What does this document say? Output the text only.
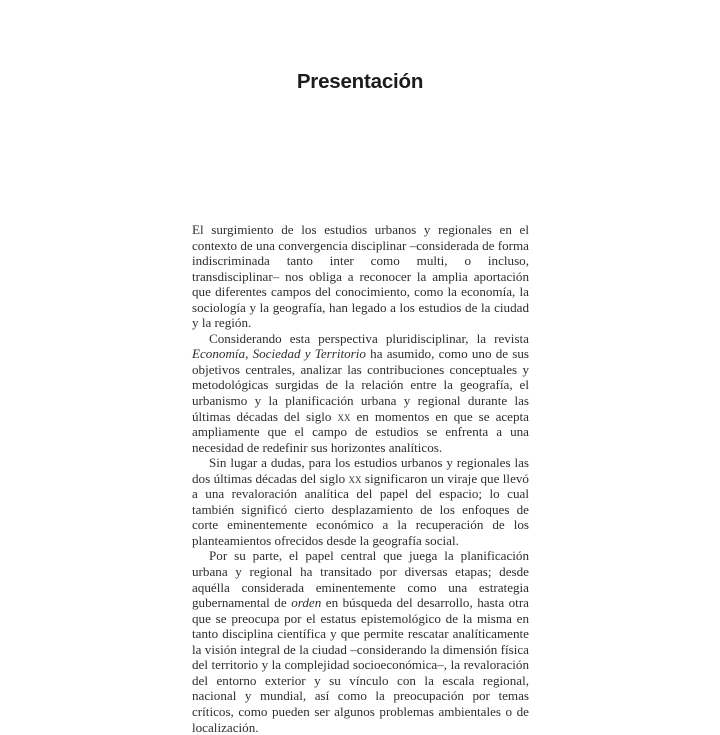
Presentación

El surgimiento de los estudios urbanos y regionales en el contexto de una convergencia disciplinar –considerada de forma indiscriminada tanto inter como multi, o incluso, transdisciplinar– nos obliga a reconocer la amplia aportación que diferentes campos del conocimiento, como la economía, la sociología y la geografía, han legado a los estudios de la ciudad y la región.

Considerando esta perspectiva pluridisciplinar, la revista Economía, Sociedad y Territorio ha asumido, como uno de sus objetivos centrales, analizar las contribuciones conceptuales y metodológicas surgidas de la relación entre la geografía, el urbanismo y la planificación urbana y regional durante las últimas décadas del siglo xx en momentos en que se acepta ampliamente que el campo de estudios se enfrenta a una necesidad de redefinir sus horizontes analíticos.

Sin lugar a dudas, para los estudios urbanos y regionales las dos últimas décadas del siglo xx significaron un viraje que llevó a una revaloración analítica del papel del espacio; lo cual también significó cierto desplazamiento de los enfoques de corte eminentemente económico a la recuperación de los planteamientos ofrecidos desde la geografía social.

Por su parte, el papel central que juega la planificación urbana y regional ha transitado por diversas etapas; desde aquélla considerada eminentemente como una estrategia gubernamental de orden en búsqueda del desarrollo, hasta otra que se preocupa por el estatus epistemológico de la misma en tanto disciplina científica y que permite rescatar analíticamente la visión integral de la ciudad –considerando la dimensión física del territorio y la complejidad socioeconómica–, la revaloración del entorno exterior y su vínculo con la escala regional, nacional y mundial, así como la preocupación por temas críticos, como pueden ser algunos problemas ambientales o de localización.
